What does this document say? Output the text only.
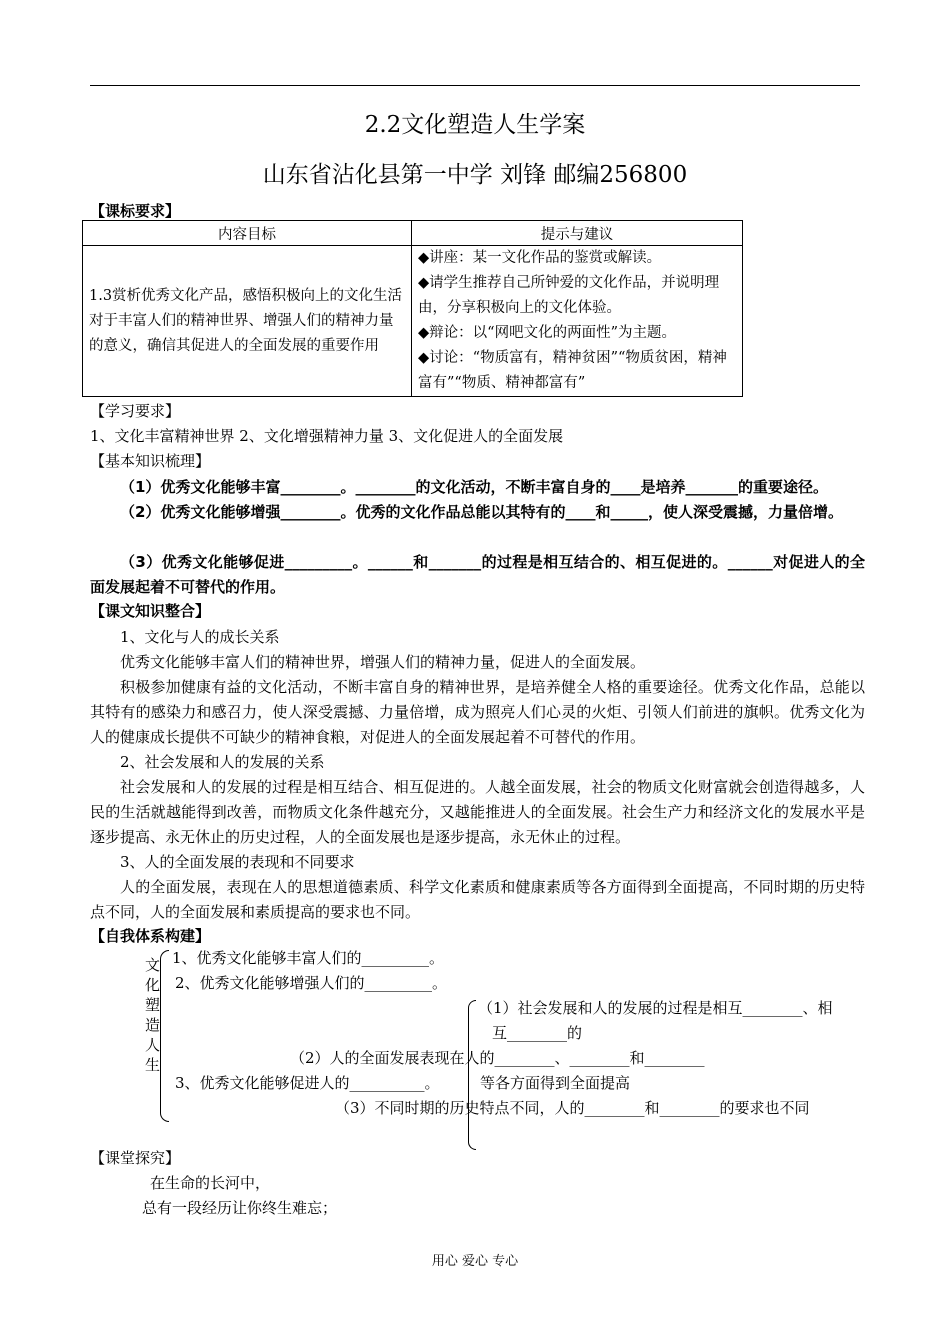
2.2文化塑造人生学案
山东省沾化县第一中学 刘锋 邮编256800
【课标要求】
内容目标	提示与建议

1.3赏析优秀文化产品，感悟积极向上的文化生活对于丰富人们的精神世界、增强人们的精神力量的意义，确信其促进人的全面发展的重要作用	◆讲座：某一文化作品的鉴赏或解读。
◆请学生推荐自己所钟爱的文化作品，并说明理由，分享积极向上的文化体验。
◆辩论：以“网吧文化的两面性”为主题。
◆讨论：“物质富有，精神贫困”“物质贫困，精神富有”“物质、精神都富有”
【学习要求】
1、文化丰富精神世界 2、文化增强精神力量 3、文化促进人的全面发展
【基本知识梳理】
（1）优秀文化能够丰富________。________的文化活动，不断丰富自身的____是培养_______的重要途径。
（2）优秀文化能够增强________。优秀的文化作品总能以其特有的____和_____，使人深受震撼，力量倍增。
（3）优秀文化能够促进_________。______和_______的过程是相互结合的、相互促进的。______对促进人的全面发展起着不可替代的作用。
【课文知识整合】
1、文化与人的成长关系
优秀文化能够丰富人们的精神世界，增强人们的精神力量，促进人的全面发展。
积极参加健康有益的文化活动，不断丰富自身的精神世界，是培养健全人格的重要途径。优秀文化作品，总能以其特有的感染力和感召力，使人深受震撼、力量倍增，成为照亮人们心灵的火炬、引领人们前进的旗帜。优秀文化为人的健康成长提供不可缺少的精神食粮，对促进人的全面发展起着不可替代的作用。
2、社会发展和人的发展的关系
社会发展和人的发展的过程是相互结合、相互促进的。人越全面发展，社会的物质文化财富就会创造得越多，人民的生活就越能得到改善，而物质文化条件越充分，又越能推进人的全面发展。社会生产力和经济文化的发展水平是逐步提高、永无休止的历史过程，人的全面发展也是逐步提高，永无休止的过程。
3、人的全面发展的表现和不同要求
人的全面发展，表现在人的思想道德素质、科学文化素质和健康素质等各方面得到全面提高，不同时期的历史特点不同，人的全面发展和素质提高的要求也不同。
【自我体系构建】
文
化
塑
造
人
生
1、优秀文化能够丰富人们的_________。
2、优秀文化能够增强人们的_________。
3、优秀文化能够促进人的__________。
（1）社会发展和人的发展的过程是相互________、相
互________的
（2）人的全面发展表现在人的________、________和________
等各方面得到全面提高
（3）不同时期的历史特点不同，人的________和________的要求也不同
【课堂探究】
在生命的长河中，
总有一段经历让你终生难忘；
用心 爱心 专心
